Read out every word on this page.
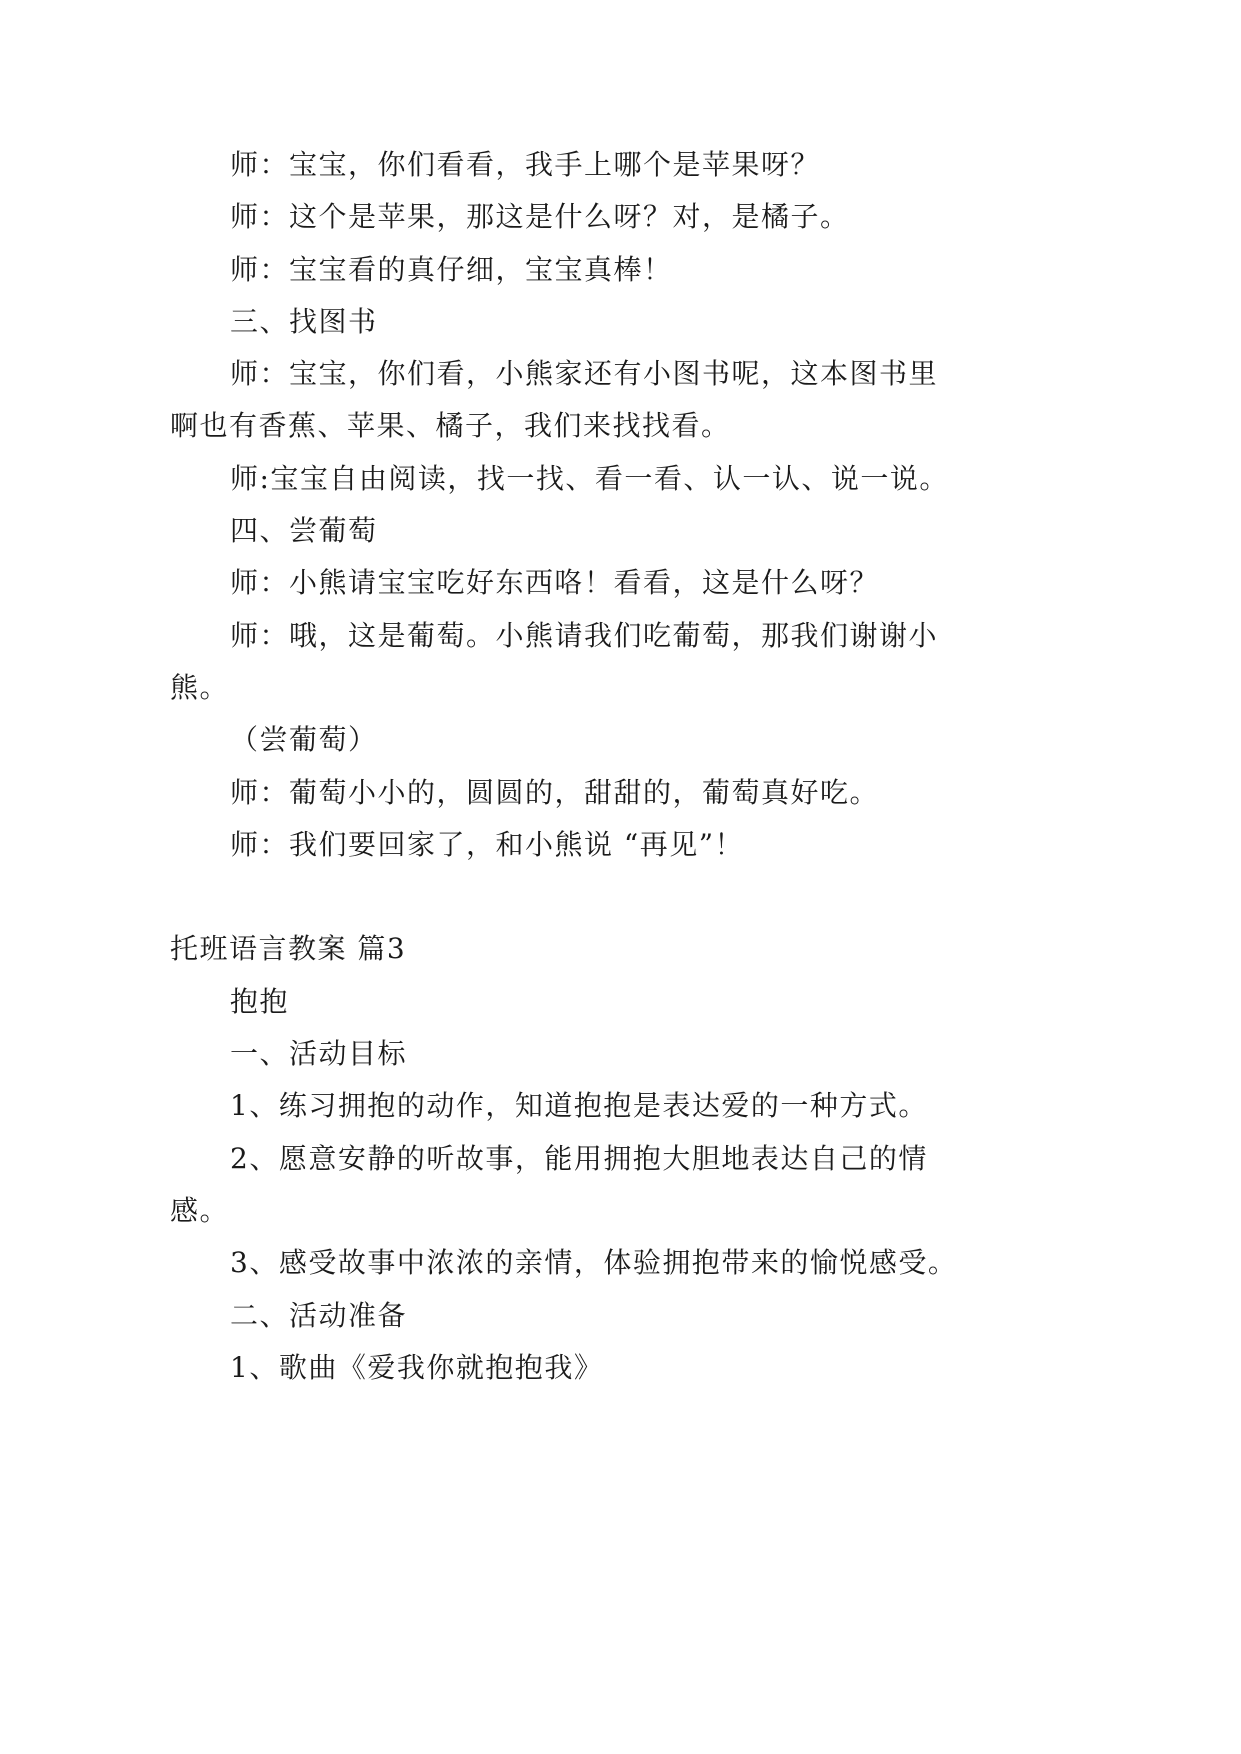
师：宝宝，你们看看，我手上哪个是苹果呀？
师：这个是苹果，那这是什么呀？对，是橘子。
师：宝宝看的真仔细，宝宝真棒！
三、找图书
师：宝宝，你们看，小熊家还有小图书呢，这本图书里
啊也有香蕉、苹果、橘子，我们来找找看。
师:宝宝自由阅读，找一找、看一看、认一认、说一说。
四、尝葡萄
师：小熊请宝宝吃好东西咯！看看，这是什么呀？
师：哦，这是葡萄。小熊请我们吃葡萄，那我们谢谢小
熊。
（尝葡萄）
师：葡萄小小的，圆圆的，甜甜的，葡萄真好吃。
师：我们要回家了，和小熊说 “再见”！
托班语言教案 篇3
抱抱
一、活动目标
1、练习拥抱的动作，知道抱抱是表达爱的一种方式。
2、愿意安静的听故事，能用拥抱大胆地表达自己的情
感。
3、感受故事中浓浓的亲情，体验拥抱带来的愉悦感受。
二、活动准备
1、歌曲《爱我你就抱抱我》
